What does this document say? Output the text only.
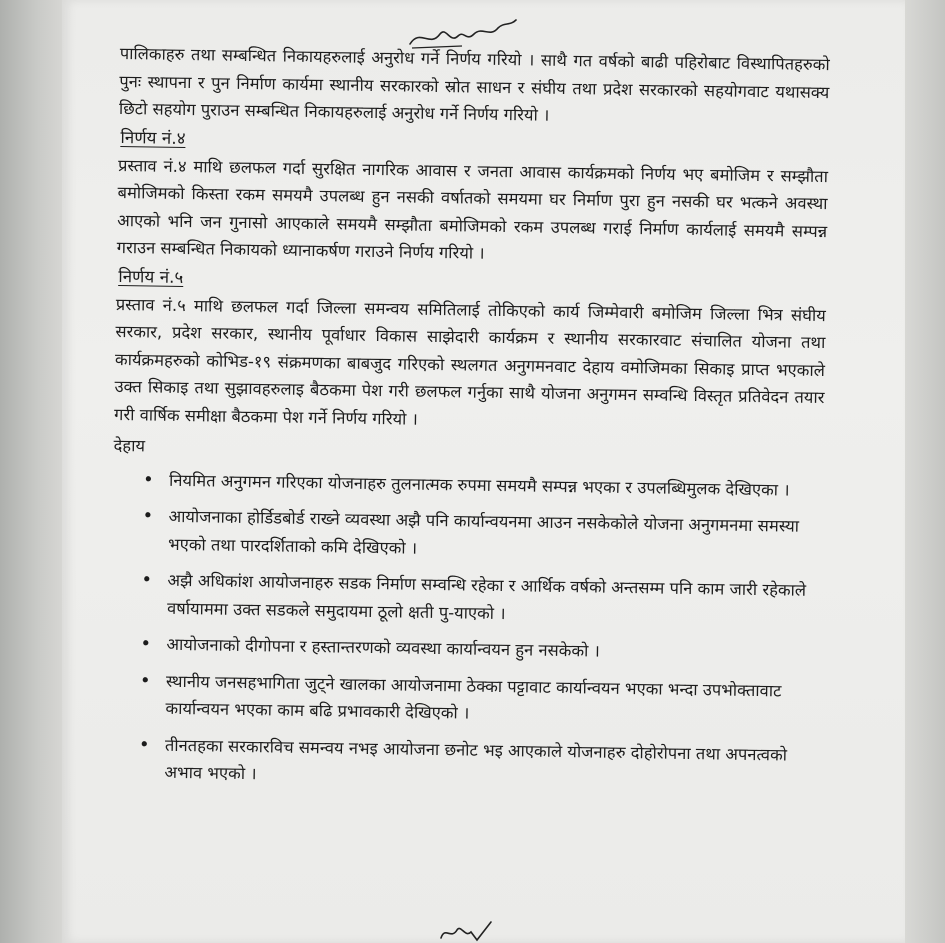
पालिकाहरु तथा सम्बन्धित निकायहरुलाई अनुरोध गर्ने निर्णय गरियो । साथै गत वर्षको बाढी पहिरोबाट विस्थापितहरुको पुनः स्थापना र पुन निर्माण कार्यमा स्थानीय सरकारको स्रोत साधन र संघीय तथा प्रदेश सरकारको सहयोगवाट यथासक्य छिटो सहयोग पुराउन सम्बन्धित निकायहरुलाई अनुरोध गर्ने निर्णय गरियो ।

निर्णय नं.४

प्रस्ताव नं.४ माथि छलफल गर्दा सुरक्षित नागरिक आवास र जनता आवास कार्यक्रमको निर्णय भए बमोजिम र सम्झौता बमोजिमको किस्ता रकम समयमै उपलब्ध हुन नसकी वर्षातको समयमा घर निर्माण पुरा हुन नसकी घर भत्कने अवस्था आएको भनि जन गुनासो आएकाले समयमै सम्झौता बमोजिमको रकम उपलब्ध गराई निर्माण कार्यलाई समयमै सम्पन्न गराउन सम्बन्धित निकायको ध्यानाकर्षण गराउने निर्णय गरियो ।

निर्णय नं.५

प्रस्ताव नं.५ माथि छलफल गर्दा जिल्ला समन्वय समितिलाई तोकिएको कार्य जिम्मेवारी बमोजिम जिल्ला भित्र संघीय सरकार, प्रदेश सरकार, स्थानीय पूर्वाधार विकास साझेदारी कार्यक्रम र स्थानीय सरकारवाट संचालित योजना तथा कार्यक्रमहरुको कोभिड-१९ संक्रमणका बाबजुद गरिएको स्थलगत अनुगमनवाट देहाय वमोजिमका सिकाइ प्राप्त भएकाले उक्त सिकाइ तथा सुझावहरुलाइ बैठकमा पेश गरी छलफल गर्नुका साथै योजना अनुगमन सम्वन्धि विस्तृत प्रतिवेदन तयार गरी वार्षिक समीक्षा बैठकमा पेश गर्ने निर्णय गरियो ।

देहाय

• नियमित अनुगमन गरिएका योजनाहरु तुलनात्मक रुपमा समयमै सम्पन्न भएका र उपलब्धिमुलक देखिएका ।
• आयोजनाका होर्डिडबोर्ड राख्ने व्यवस्था अझै पनि कार्यान्वयनमा आउन नसकेकोले योजना अनुगमनमा समस्या भएको तथा पारदर्शिताको कमि देखिएको ।
• अझै अधिकांश आयोजनाहरु सडक निर्माण सम्वन्धि रहेका र आर्थिक वर्षको अन्तसम्म पनि काम जारी रहेकाले वर्षायाममा उक्त सडकले समुदायमा ठूलो क्षती पु-याएको ।
• आयोजनाको दीगोपना र हस्तान्तरणको व्यवस्था कार्यान्वयन हुन नसकेको ।
• स्थानीय जनसहभागिता जुट्ने खालका आयोजनामा ठेक्का पट्टावाट कार्यान्वयन भएका भन्दा उपभोक्तावाट कार्यान्वयन भएका काम बढि प्रभावकारी देखिएको ।
• तीनतहका सरकारविच समन्वय नभइ आयोजना छनोट भइ आएकाले योजनाहरु दोहोरोपना तथा अपनत्वको अभाव भएको ।
